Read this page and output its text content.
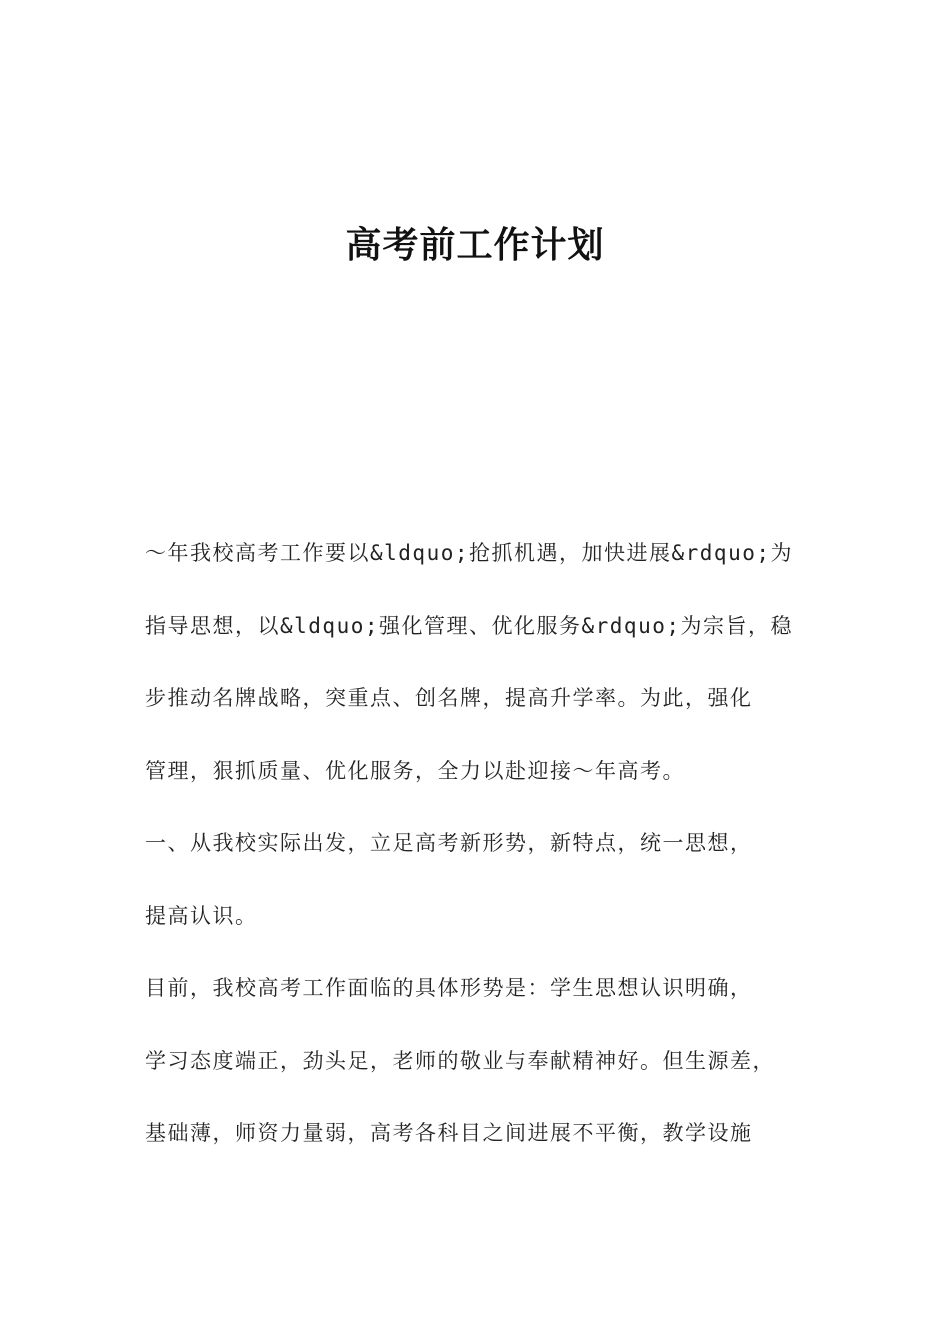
高考前工作计划
～年我校高考工作要以&ldquo;抢抓机遇，加快进展&rdquo;为
指导思想，以&ldquo;强化管理、优化服务&rdquo;为宗旨，稳
步推动名牌战略，突重点、创名牌，提高升学率。为此，强化
管理，狠抓质量、优化服务，全力以赴迎接～年高考。
一、从我校实际出发，立足高考新形势，新特点，统一思想，
提高认识。
目前，我校高考工作面临的具体形势是：学生思想认识明确，
学习态度端正，劲头足，老师的敬业与奉献精神好。但生源差，
基础薄，师资力量弱，高考各科目之间进展不平衡，教学设施
